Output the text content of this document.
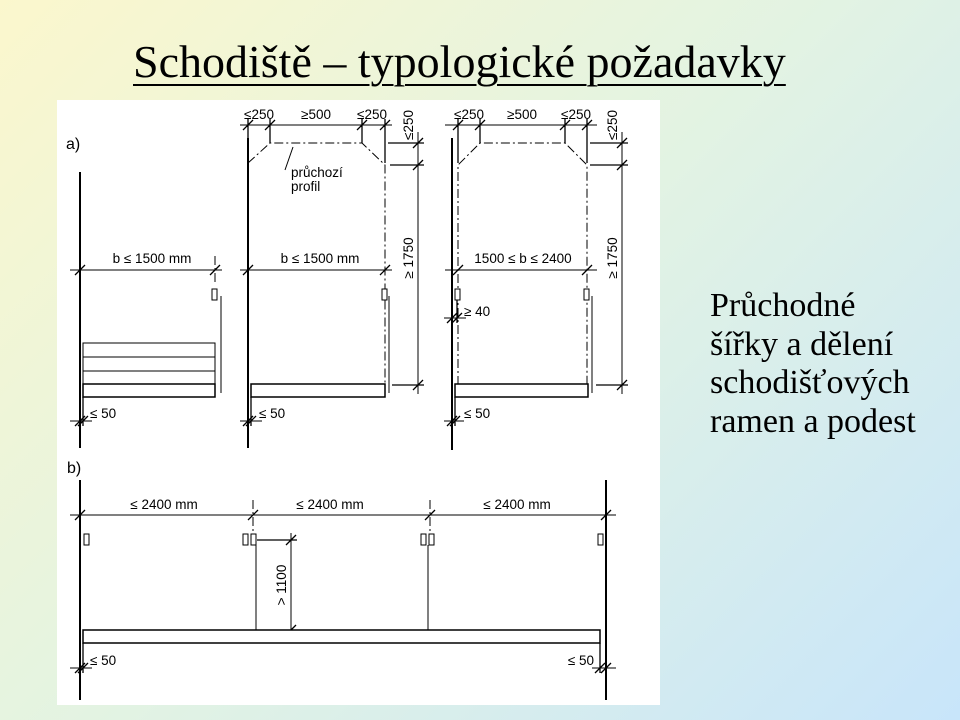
a)
b ≤ 1500 mm
≤ 50
≤250 ≥500 ≤250
průchozí
profil
b ≤ 1500 mm
≤ 50
≤250
≥ 1750
≤250 ≥500 ≤250
1500 ≤ b ≤ 2400
≥ 40
≤ 50
≤250
≥ 1750
b)
≤ 2400 mm	≤ 2400 mm	≤ 2400 mm
> 1100
≤ 50	≤ 50
Schodiště – typologické požadavky
Průchodné
šířky a dělení
schodišťových
ramen a podest
